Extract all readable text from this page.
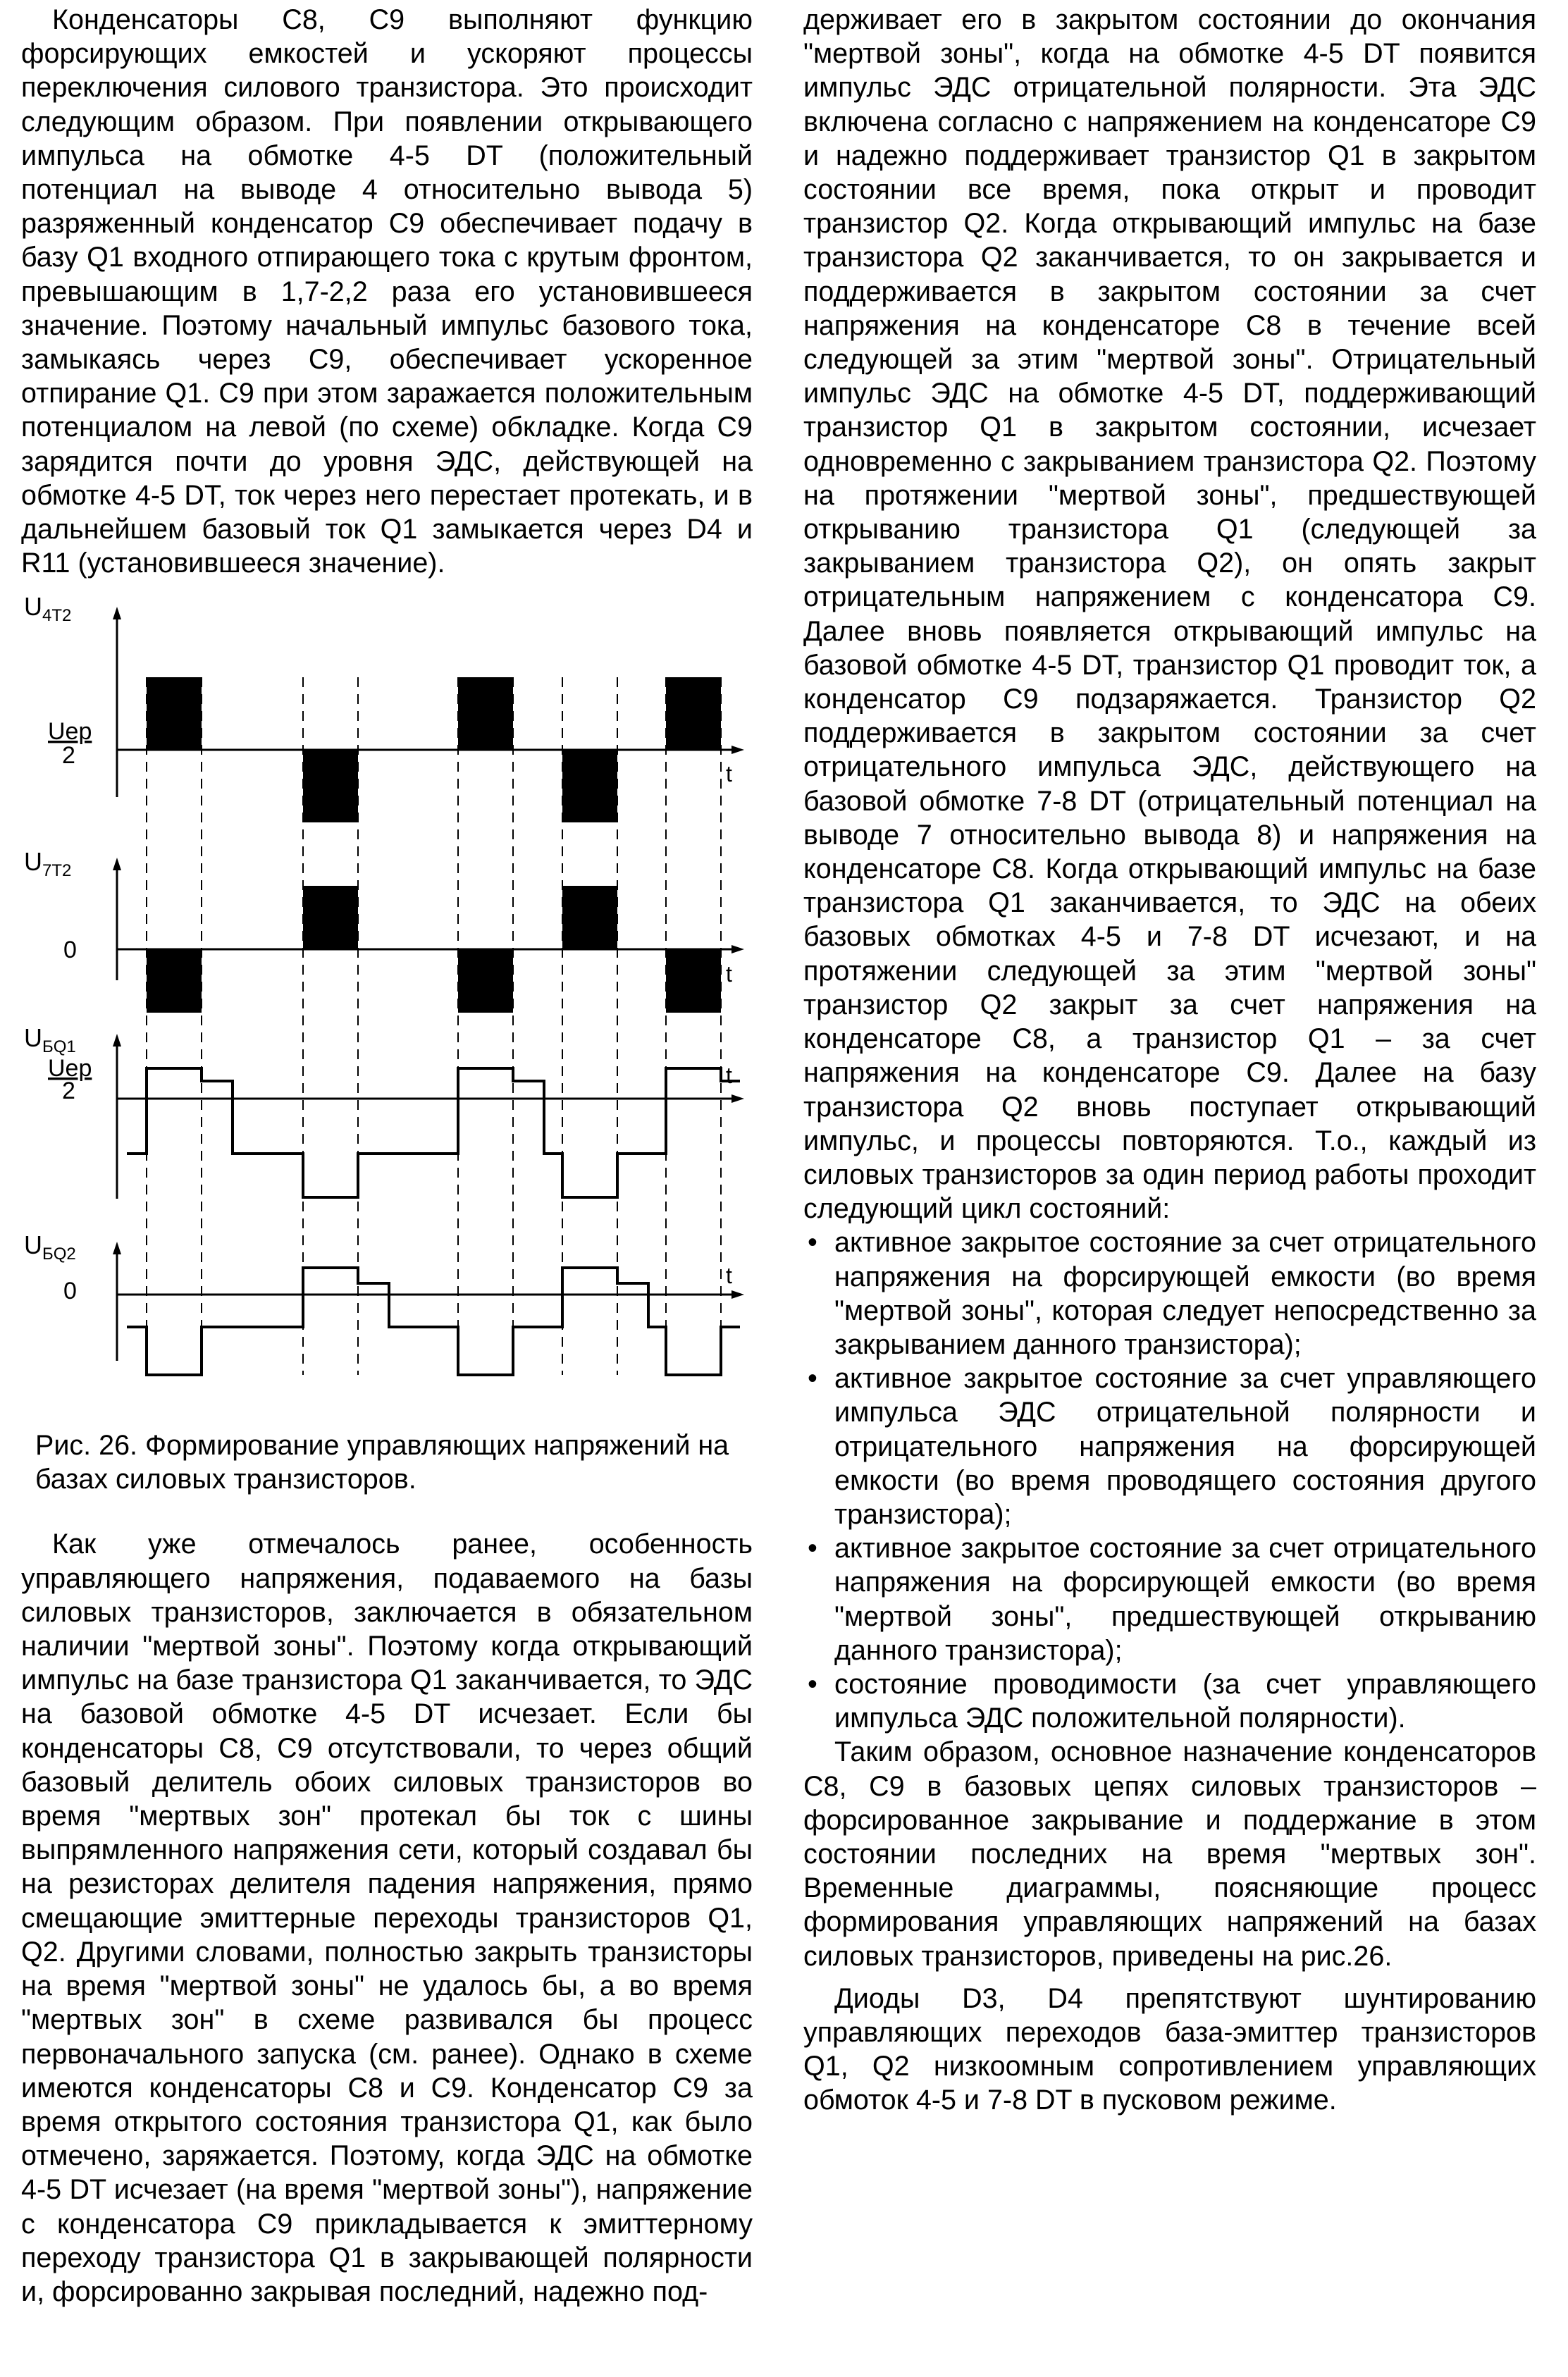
Конденсаторы C8, C9 выполняют функцию форсирующих емкостей и ускоряют процессы переключения силового транзистора. Это происходит следующим образом. При появлении открывающего импульса на обмотке 4-5 DT (положительный потенциал на выводе 4 относительно вывода 5) разряженный конденсатор C9 обеспечивает подачу в базу Q1 входного отпирающего тока с крутым фронтом, превышающим в 1,7-2,2 раза его установившееся значение. Поэтому начальный импульс базового тока, замыкаясь через C9, обеспечивает ускоренное отпирание Q1. C9 при этом заражается положительным потенциалом на левой (по схеме) обкладке. Когда C9 зарядится почти до уровня ЭДС, действующей на обмотке 4-5 DT, ток через него перестает протекать, и в дальнейшем базовый ток Q1 замыкается через D4 и R11 (установившееся значение).

t
$U_{4T2}$
Uep
2
t
$U_{7T2}$
0
t
$U_{БQ1}$
Uep
2
t
$U_{БQ2}$
0

Рис. 26. Формирование управляющих напряжений на базах силовых транзисторов.

Как уже отмечалось ранее, особенность управляющего напряжения, подаваемого на базы силовых транзисторов, заключается в обязательном наличии "мертвой зоны". Поэтому когда открывающий импульс на базе транзистора Q1 заканчивается, то ЭДС на базовой обмотке 4-5 DT исчезает. Если бы конденсаторы C8, C9 отсутствовали, то через общий базовый делитель обоих силовых транзисторов во время "мертвых зон" протекал бы ток с шины выпрямленного напряжения сети, который создавал бы на резисторах делителя падения напряжения, прямо смещающие эмиттерные переходы транзисторов Q1, Q2. Другими словами, полностью закрыть транзисторы на время "мертвой зоны" не удалось бы, а во время "мертвых зон" в схеме развивался бы процесс первоначального запуска (см. ранее). Однако в схеме имеются конденсаторы C8 и C9. Конденсатор C9 за время открытого состояния транзистора Q1, как было отмечено, заряжается. Поэтому, когда ЭДС на обмотке 4-5 DT исчезает (на время "мертвой зоны"), напряжение с конденсатора C9 прикладывается к эмиттерному переходу транзистора Q1 в закрывающей полярности и, форсированно закрывая последний, надежно под-

держивает его в закрытом состоянии до окончания "мертвой зоны", когда на обмотке 4-5 DT появится импульс ЭДС отрицательной полярности. Эта ЭДС включена согласно с напряжением на конденсаторе C9 и надежно поддерживает транзистор Q1 в закрытом состоянии все время, пока открыт и проводит транзистор Q2. Когда открывающий импульс на базе транзистора Q2 заканчивается, то он закрывается и поддерживается в закрытом состоянии за счет напряжения на конденсаторе C8 в течение всей следующей за этим "мертвой зоны". Отрицательный импульс ЭДС на обмотке 4-5 DT, поддерживающий транзистор Q1 в закрытом состоянии, исчезает одновременно с закрыванием транзистора Q2. Поэтому на протяжении "мертвой зоны", предшествующей открыванию транзистора Q1 (следующей за закрыванием транзистора Q2), он опять закрыт отрицательным напряжением с конденсатора C9. Далее вновь появляется открывающий импульс на базовой обмотке 4-5 DT, транзистор Q1 проводит ток, а конденсатор C9 подзаряжается. Транзистор Q2 поддерживается в закрытом состоянии за счет отрицательного импульса ЭДС, действующего на базовой обмотке 7-8 DT (отрицательный потенциал на выводе 7 относительно вывода 8) и напряжения на конденсаторе C8. Когда открывающий импульс на базе транзистора Q1 заканчивается, то ЭДС на обеих базовых обмотках 4-5 и 7-8 DT исчезают, и на протяжении следующей за этим "мертвой зоны" транзистор Q2 закрыт за счет напряжения на конденсаторе C8, а транзистор Q1 – за счет напряжения на конденсаторе C9. Далее на базу транзистора Q2 вновь поступает открывающий импульс, и процессы повторяются. Т.о., каждый из силовых транзисторов за один период работы проходит следующий цикл состояний:

• активное закрытое состояние за счет отрицательного напряжения на форсирующей емкости (во время "мертвой зоны", которая следует непосредственно за закрыванием данного транзистора);
• активное закрытое состояние за счет управляющего импульса ЭДС отрицательной полярности и отрицательного напряжения на форсирующей емкости (во время проводящего состояния другого транзистора);
• активное закрытое состояние за счет отрицательного напряжения на форсирующей емкости (во время "мертвой зоны", предшествующей открыванию данного транзистора);
• состояние проводимости (за счет управляющего импульса ЭДС положительной полярности).

Таким образом, основное назначение конденсаторов C8, C9 в базовых цепях силовых транзисторов – форсированное закрывание и поддержание в этом состоянии последних на время "мертвых зон". Временные диаграммы, поясняющие процесс формирования управляющих напряжений на базах силовых транзисторов, приведены на рис.26.

Диоды D3, D4 препятствуют шунтированию управляющих переходов база-эмиттер транзисторов Q1, Q2 низкоомным сопротивлением управляющих обмоток 4-5 и 7-8 DT в пусковом режиме.
